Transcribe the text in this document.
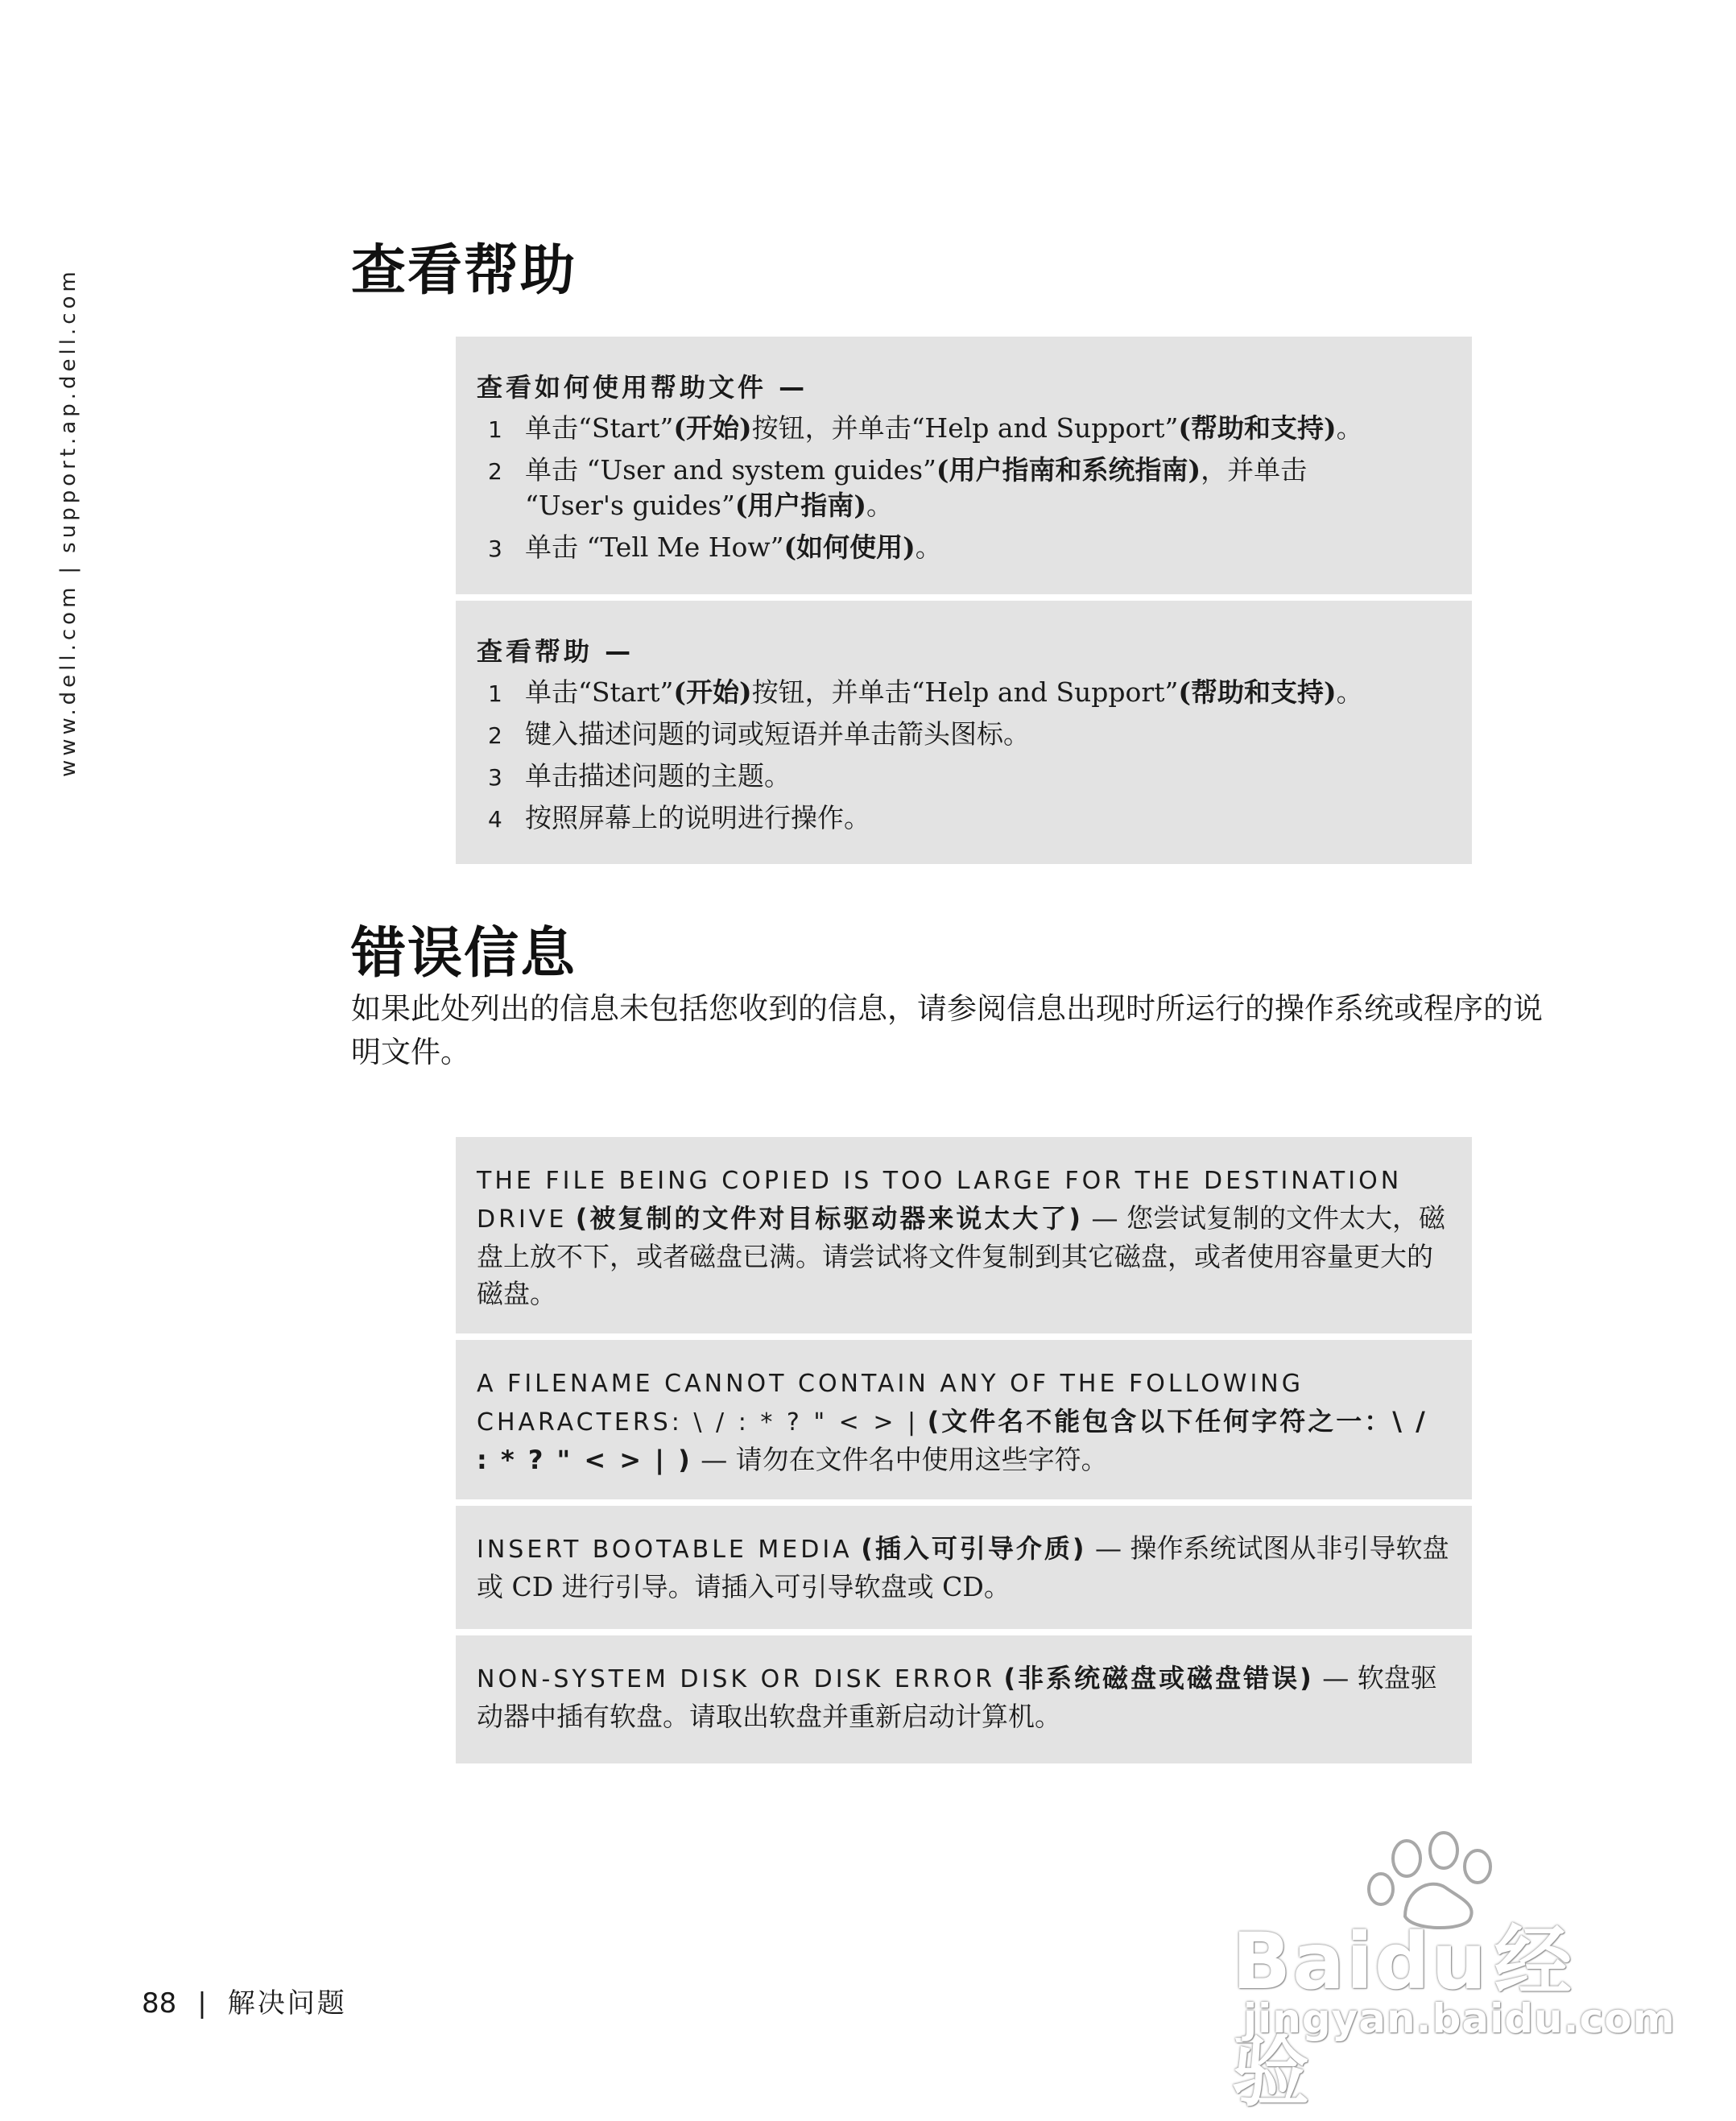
www.dell.com|support.ap.dell.com	查看帮助
查看如何使用帮助文件 —
1 单击“Start”(开始)按钮，并单击“Help and Support”(帮助和支持)。
2 单击 “User and system guides”(用户指南和系统指南)，并单击 “User's guides”(用户指南)。
3 单击 “Tell Me How”(如何使用)。
查看帮助 —
1 单击“Start”(开始)按钮，并单击“Help and Support”(帮助和支持)。
2 键入描述问题的词或短语并单击箭头图标。
3 单击描述问题的主题。
4 按照屏幕上的说明进行操作。
错误信息

如果此处列出的信息未包括您收到的信息，请参阅信息出现时所运行的操作系统或程序的说明文件。

THE FILE BEING COPIED IS TOO LARGE FOR THE DESTINATION DRIVE (被复制的文件对目标驱动器来说太大了) — 您尝试复制的文件太大，磁盘上放不下，或者磁盘已满。请尝试将文件复制到其它磁盘，或者使用容量更大的磁盘。
A FILENAME CANNOT CONTAIN ANY OF THE FOLLOWING CHARACTERS: \ / : * ? " < > | (文件名不能包含以下任何字符之一：\ / : * ? " < > | ) — 请勿在文件名中使用这些字符。
INSERT BOOTABLE MEDIA (插入可引导介质) — 操作系统试图从非引导软盘或 CD 进行引导。请插入可引导软盘或 CD。
NON-SYSTEM DISK OR DISK ERROR (非系统磁盘或磁盘错误) — 软盘驱动器中插有软盘。请取出软盘并重新启动计算机。
88 | 解决问题	Baidu经验
jingyan.baidu.com
